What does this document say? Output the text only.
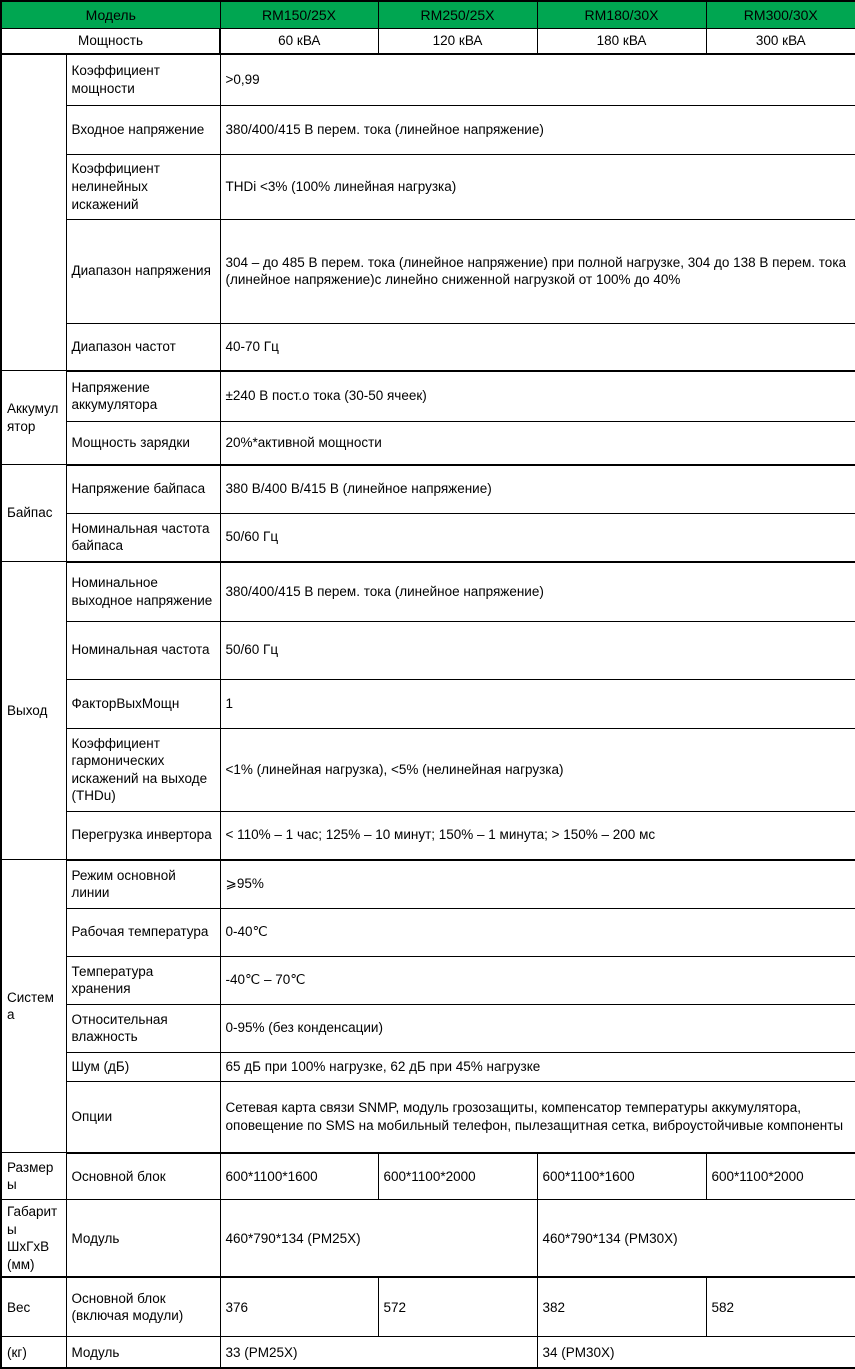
Модель		RM150/25X	RM250/25X	RM180/30X	RM300/30X
Мощность		60 кВА	120 кВА	180 кВА	300 кВА
	Коэффициент мощности	>0,99			
	Входное напряжение	380/400/415 В перем. тока (линейное напряжение)			
	Коэффициент нелинейных искажений	THDi <3% (100% линейная нагрузка)			
	Диапазон напряжения	304 – до 485 В перем. тока (линейное напряжение) при полной нагрузке, 304 до 138 В перем. тока (линейное напряжение)с линейно сниженной нагрузкой от 100% до 40%			
	Диапазон частот	40-70 Гц			
Аккумулятор	Напряжение аккумулятора	±240 В пост.о тока (30-50 ячеек)			
	Мощность зарядки	20%*активной мощности			
Байпас	Напряжение байпаса	380 В/400 В/415 В (линейное напряжение)			
	Номинальная частота байпаса	50/60 Гц			
Выход	Номинальное выходное напряжение	380/400/415 В перем. тока (линейное напряжение)			
	Номинальная частота	50/60 Гц			
	ФакторВыхМощн	1			
	Коэффициент гармонических искажений на выходе (THDu)	<1% (линейная нагрузка), <5% (нелинейная нагрузка)			
	Перегрузка инвертора	< 110% – 1 час; 125% – 10 минут; 150% – 1 минута; > 150% – 200 мс			
Система	Режим основной линии	⩾95%			
	Рабочая температура	0-40℃			
	Температура хранения	-40℃ – 70℃			
	Относительная влажность	0-95% (без конденсации)			
	Шум (дБ)	65 дБ при 100% нагрузке, 62 дБ при 45% нагрузке			
	Опции	Сетевая карта связи SNMP, модуль грозозащиты, компенсатор температуры аккумулятора, оповещение по SMS на мобильный телефон, пылезащитная сетка, виброустойчивые компоненты			
Размеры	Основной блок	600*1100*1600	600*1100*2000	600*1100*1600	600*1100*2000
Габариты ШхГхВ (мм)	Модуль	460*790*134 (PM25X)		460*790*134 (PM30X)	
Вес	Основной блок (включая модули)	376	572	382	582
(кг)	Модуль	33 (PM25X)		34 (PM30X)	
